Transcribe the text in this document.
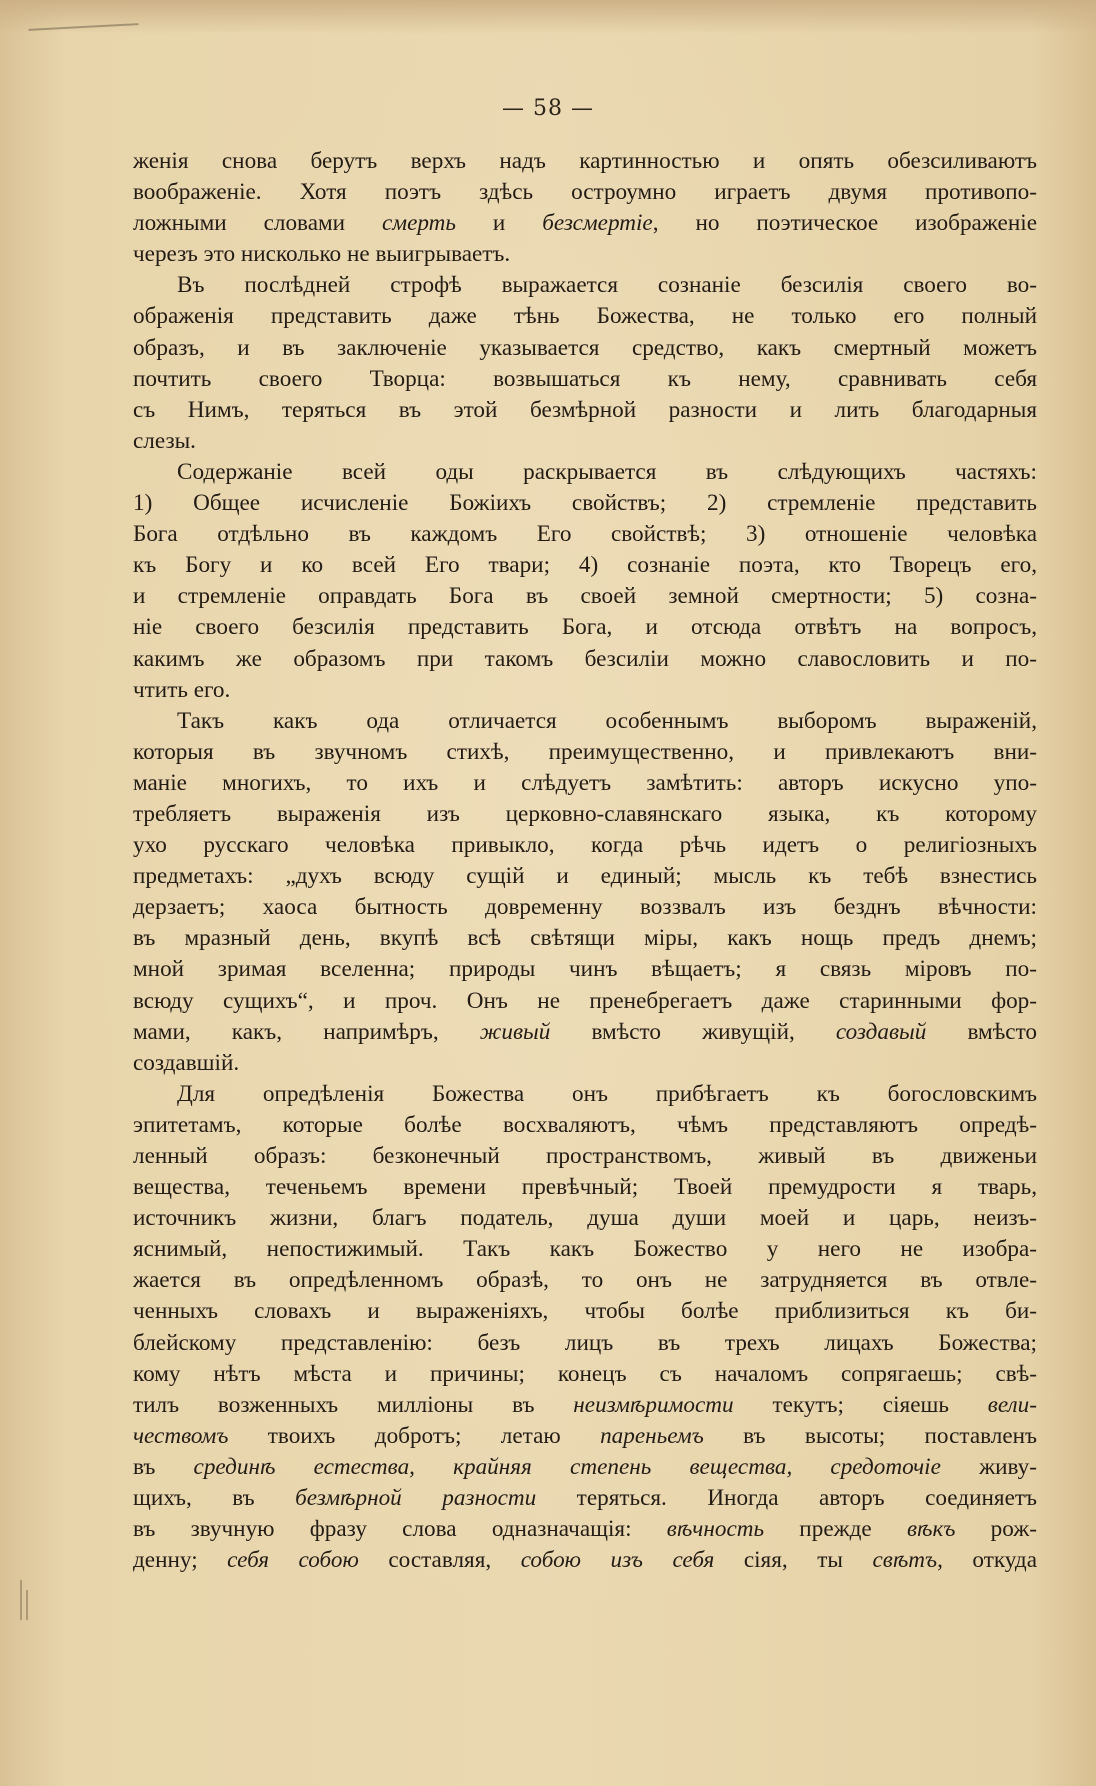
— 58 —
женія снова берутъ верхъ надъ картинностью и опять обезсиливаютъ
воображеніе. Хотя поэтъ здѣсь остроумно играетъ двумя противопо-
ложными словами смерть и безсмертіе, но поэтическое изображеніе
черезъ это нисколько не выигрываетъ.
Въ послѣдней строфѣ выражается сознаніе безсилія своего во-
ображенія представить даже тѣнь Божества, не только его полный
образъ, и въ заключеніе указывается средство, какъ смертный можетъ
почтить своего Творца: возвышаться къ нему, сравнивать себя
съ Нимъ, теряться въ этой безмѣрной разности и лить благодарныя
слезы.
Содержаніе всей оды раскрывается въ слѣдующихъ частяхъ:
1) Общее исчисленіе Божіихъ свойствъ; 2) стремленіе представить
Бога отдѣльно въ каждомъ Его свойствѣ; 3) отношеніе человѣка
къ Богу и ко всей Его твари; 4) сознаніе поэта, кто Творецъ его,
и стремленіе оправдать Бога въ своей земной смертности; 5) созна-
ніе своего безсилія представить Бога, и отсюда отвѣтъ на вопросъ,
какимъ же образомъ при такомъ безсиліи можно славословить и по-
чтить его.
Такъ какъ ода отличается особеннымъ выборомъ выраженій,
которыя въ звучномъ стихѣ, преимущественно, и привлекаютъ вни-
маніе многихъ, то ихъ и слѣдуетъ замѣтить: авторъ искусно упо-
требляетъ выраженія изъ церковно-славянскаго языка, къ которому
ухо русскаго человѣка привыкло, когда рѣчь идетъ о религіозныхъ
предметахъ: „духъ всюду сущій и единый; мысль къ тебѣ взнестись
дерзаетъ; хаоса бытность довременну воззвалъ изъ безднъ вѣчности:
въ мразный день, вкупѣ всѣ свѣтящи міры, какъ нощь предъ днемъ;
мной зримая вселенна; природы чинъ вѣщаетъ; я связь міровъ по-
всюду сущихъ“, и проч. Онъ не пренебрегаетъ даже старинными фор-
мами, какъ, напримѣръ, живый вмѣсто живущій, создавый вмѣсто
создавшій.
Для опредѣленія Божества онъ прибѣгаетъ къ богословскимъ
эпитетамъ, которые болѣе восхваляютъ, чѣмъ представляютъ опредѣ-
ленный образъ: безконечный пространствомъ, живый въ движеньи
вещества, теченьемъ времени превѣчный; Твоей премудрости я тварь,
источникъ жизни, благъ податель, душа души моей и царь, неизъ-
яснимый, непостижимый. Такъ какъ Божество у него не изобра-
жается въ опредѣленномъ образѣ, то онъ не затрудняется въ отвле-
ченныхъ словахъ и выраженіяхъ, чтобы болѣе приблизиться къ би-
блейскому представленію: безъ лицъ въ трехъ лицахъ Божества;
кому нѣтъ мѣста и причины; конецъ съ началомъ сопрягаешь; свѣ-
тилъ возженныхъ милліоны въ неизмѣримости текутъ; сіяешь вели-
чествомъ твоихъ добротъ; летаю пареньемъ въ высоты; поставленъ
въ срединѣ естества, крайняя степень вещества, средоточіе живу-
щихъ, въ безмѣрной разности теряться. Иногда авторъ соединяетъ
въ звучную фразу слова одназначащія: вѣчность прежде вѣкъ рож-
денну; себя собою составляя, собою изъ себя сіяя, ты свѣтъ, откуда
